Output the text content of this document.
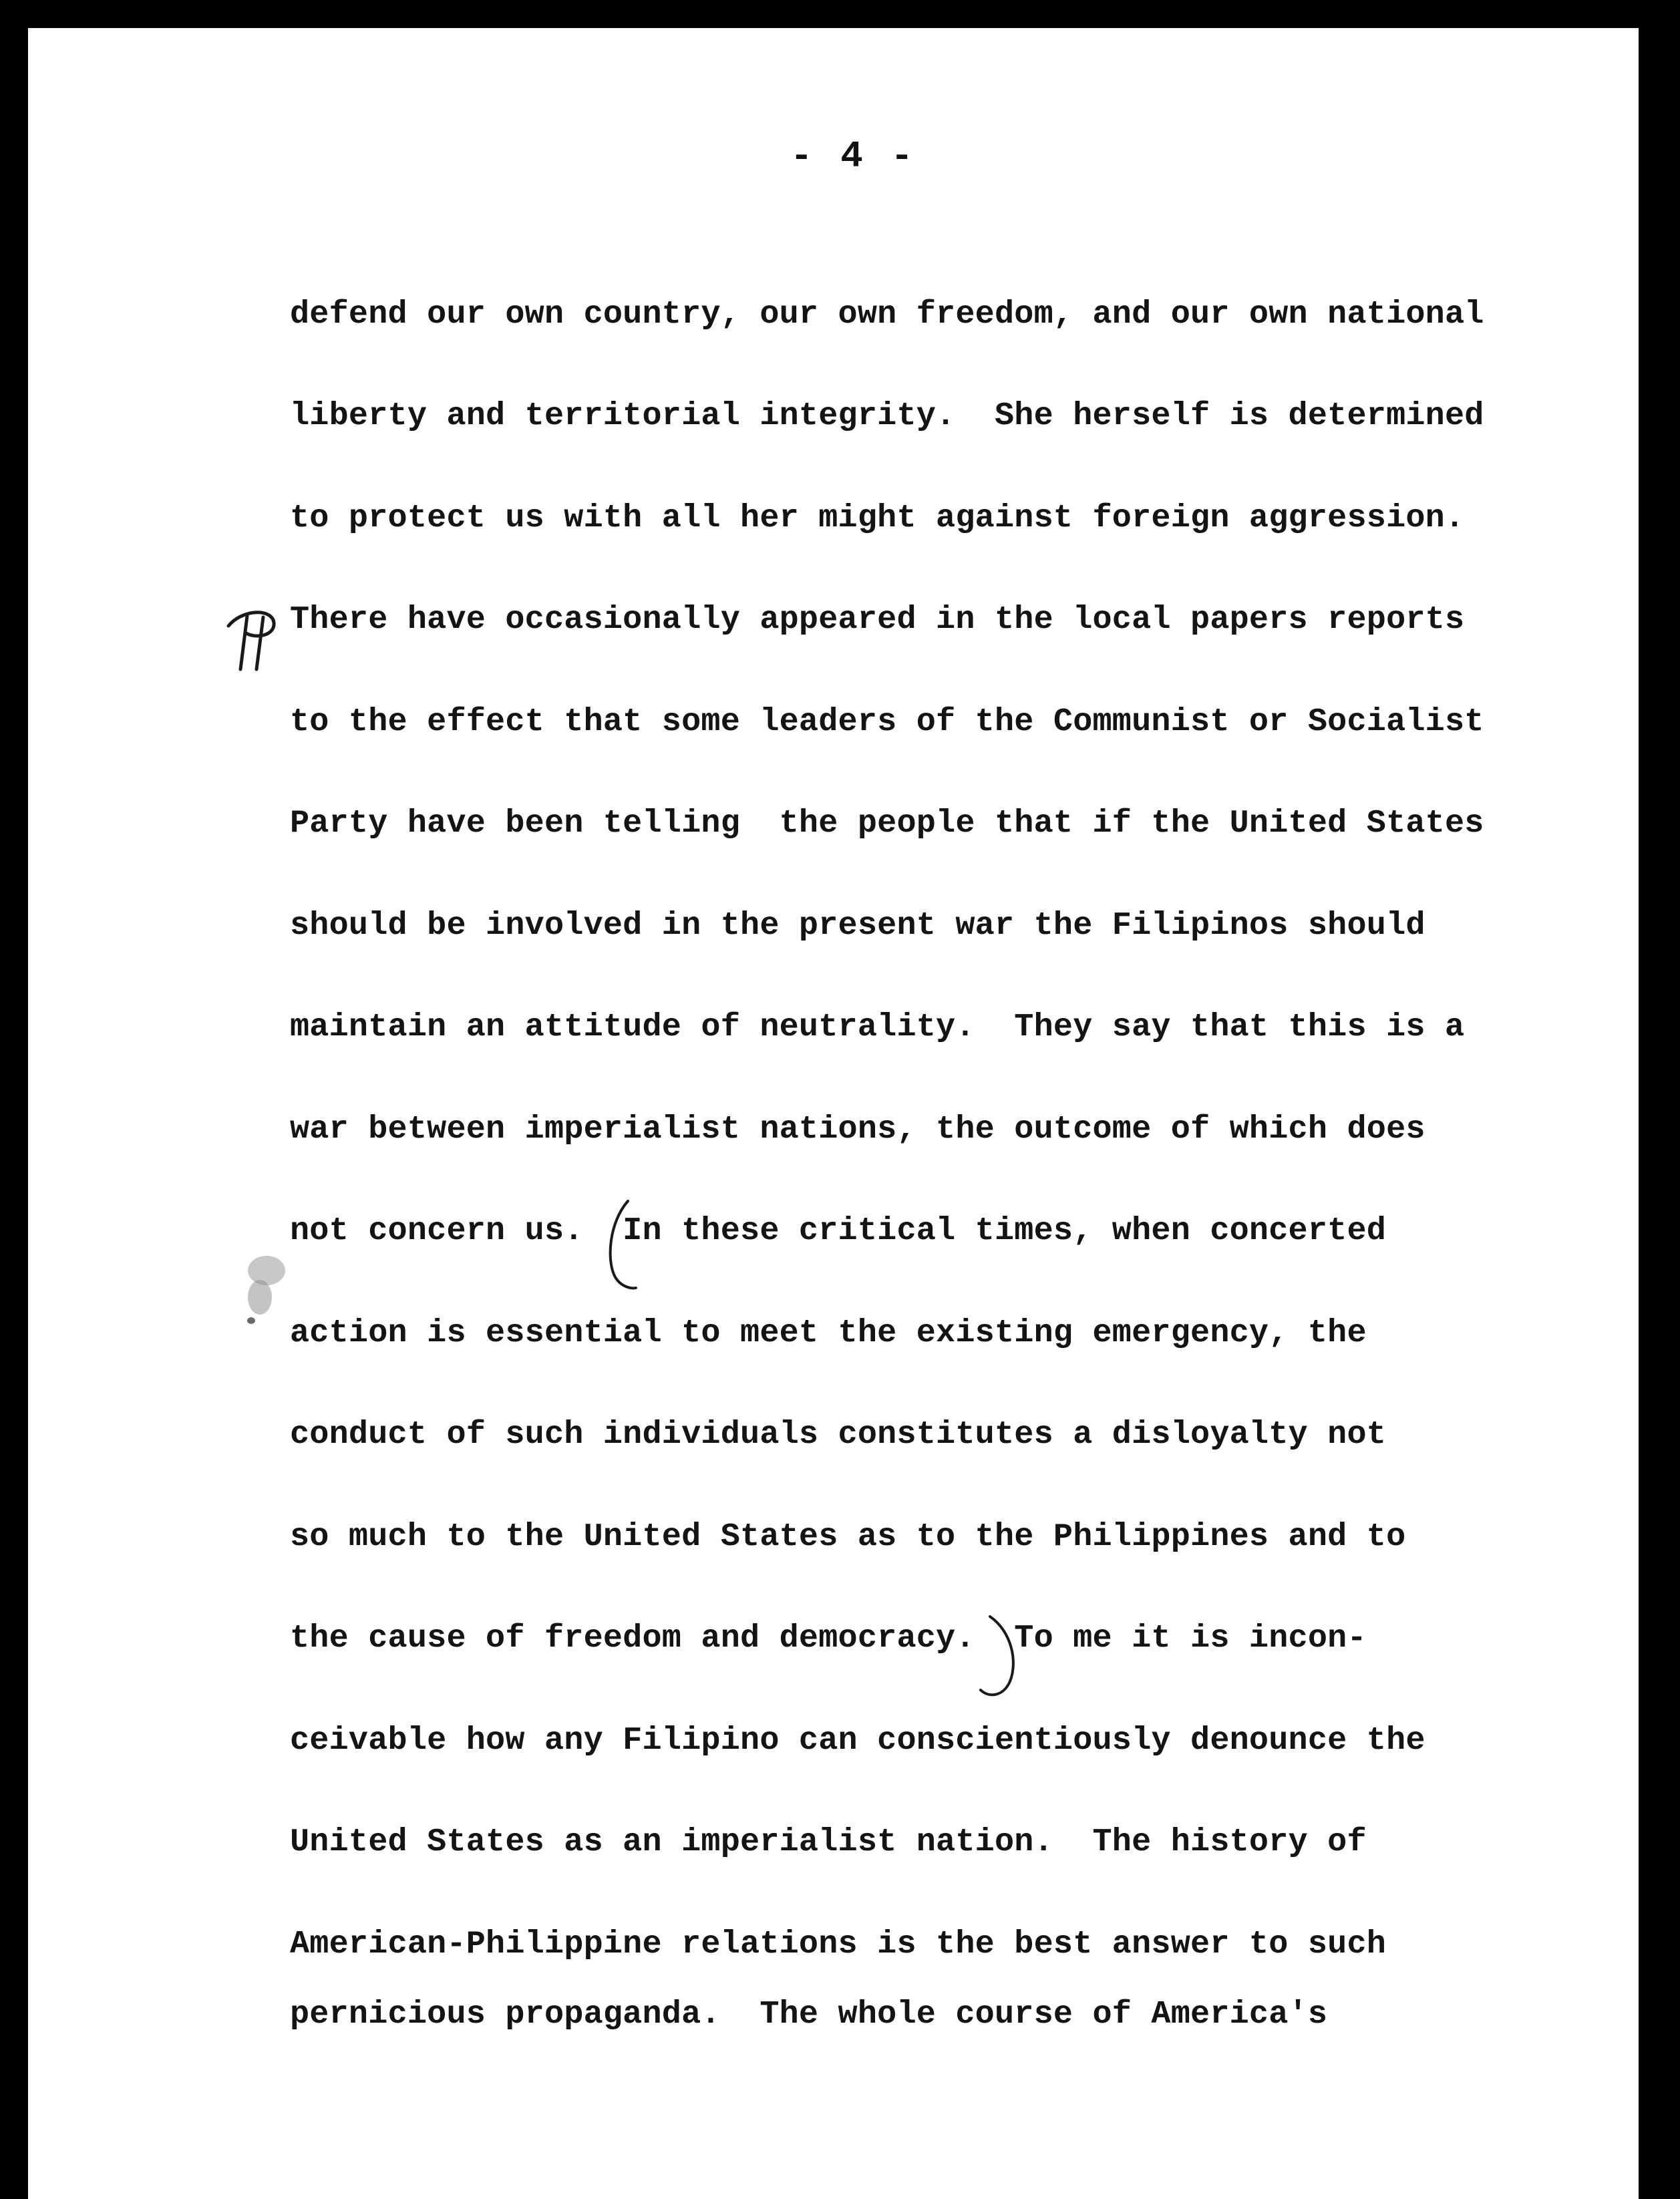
- 4 -
defend our own country, our own freedom, and our own national
liberty and territorial integrity.  She herself is determined
to protect us with all her might against foreign aggression.
There have occasionally appeared in the local papers reports
to the effect that some leaders of the Communist or Socialist
Party have been telling  the people that if the United States
should be involved in the present war the Filipinos should
maintain an attitude of neutrality.  They say that this is a
war between imperialist nations, the outcome of which does
not concern us.  In these critical times, when concerted
action is essential to meet the existing emergency, the
conduct of such individuals constitutes a disloyalty not
so much to the United States as to the Philippines and to
the cause of freedom and democracy.  To me it is incon-
ceivable how any Filipino can conscientiously denounce the
United States as an imperialist nation.  The history of
American-Philippine relations is the best answer to such
pernicious propaganda.  The whole course of America's
